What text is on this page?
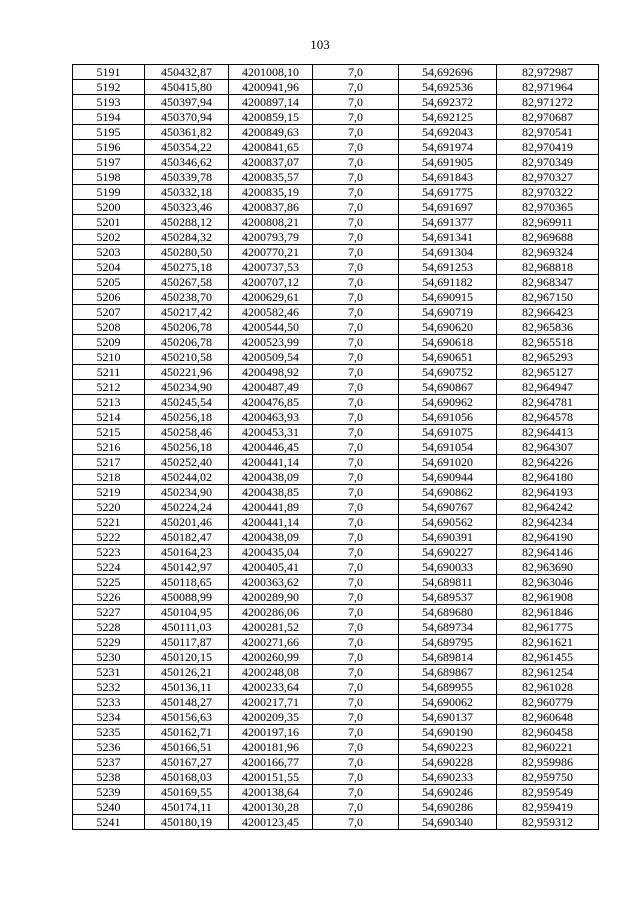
103
5191	450432,87	4201008,10	7,0	54,692696	82,972987
5192	450415,80	4200941,96	7,0	54,692536	82,971964
5193	450397,94	4200897,14	7,0	54,692372	82,971272
5194	450370,94	4200859,15	7,0	54,692125	82,970687
5195	450361,82	4200849,63	7,0	54,692043	82,970541
5196	450354,22	4200841,65	7,0	54,691974	82,970419
5197	450346,62	4200837,07	7,0	54,691905	82,970349
5198	450339,78	4200835,57	7,0	54,691843	82,970327
5199	450332,18	4200835,19	7,0	54,691775	82,970322
5200	450323,46	4200837,86	7,0	54,691697	82,970365
5201	450288,12	4200808,21	7,0	54,691377	82,969911
5202	450284,32	4200793,79	7,0	54,691341	82,969688
5203	450280,50	4200770,21	7,0	54,691304	82,969324
5204	450275,18	4200737,53	7,0	54,691253	82,968818
5205	450267,58	4200707,12	7,0	54,691182	82,968347
5206	450238,70	4200629,61	7,0	54,690915	82,967150
5207	450217,42	4200582,46	7,0	54,690719	82,966423
5208	450206,78	4200544,50	7,0	54,690620	82,965836
5209	450206,78	4200523,99	7,0	54,690618	82,965518
5210	450210,58	4200509,54	7,0	54,690651	82,965293
5211	450221,96	4200498,92	7,0	54,690752	82,965127
5212	450234,90	4200487,49	7,0	54,690867	82,964947
5213	450245,54	4200476,85	7,0	54,690962	82,964781
5214	450256,18	4200463,93	7,0	54,691056	82,964578
5215	450258,46	4200453,31	7,0	54,691075	82,964413
5216	450256,18	4200446,45	7,0	54,691054	82,964307
5217	450252,40	4200441,14	7,0	54,691020	82,964226
5218	450244,02	4200438,09	7,0	54,690944	82,964180
5219	450234,90	4200438,85	7,0	54,690862	82,964193
5220	450224,24	4200441,89	7,0	54,690767	82,964242
5221	450201,46	4200441,14	7,0	54,690562	82,964234
5222	450182,47	4200438,09	7,0	54,690391	82,964190
5223	450164,23	4200435,04	7,0	54,690227	82,964146
5224	450142,97	4200405,41	7,0	54,690033	82,963690
5225	450118,65	4200363,62	7,0	54,689811	82,963046
5226	450088,99	4200289,90	7,0	54,689537	82,961908
5227	450104,95	4200286,06	7,0	54,689680	82,961846
5228	450111,03	4200281,52	7,0	54,689734	82,961775
5229	450117,87	4200271,66	7,0	54,689795	82,961621
5230	450120,15	4200260,99	7,0	54,689814	82,961455
5231	450126,21	4200248,08	7,0	54,689867	82,961254
5232	450136,11	4200233,64	7,0	54,689955	82,961028
5233	450148,27	4200217,71	7,0	54,690062	82,960779
5234	450156,63	4200209,35	7,0	54,690137	82,960648
5235	450162,71	4200197,16	7,0	54,690190	82,960458
5236	450166,51	4200181,96	7,0	54,690223	82,960221
5237	450167,27	4200166,77	7,0	54,690228	82,959986
5238	450168,03	4200151,55	7,0	54,690233	82,959750
5239	450169,55	4200138,64	7,0	54,690246	82,959549
5240	450174,11	4200130,28	7,0	54,690286	82,959419
5241	450180,19	4200123,45	7,0	54,690340	82,959312
